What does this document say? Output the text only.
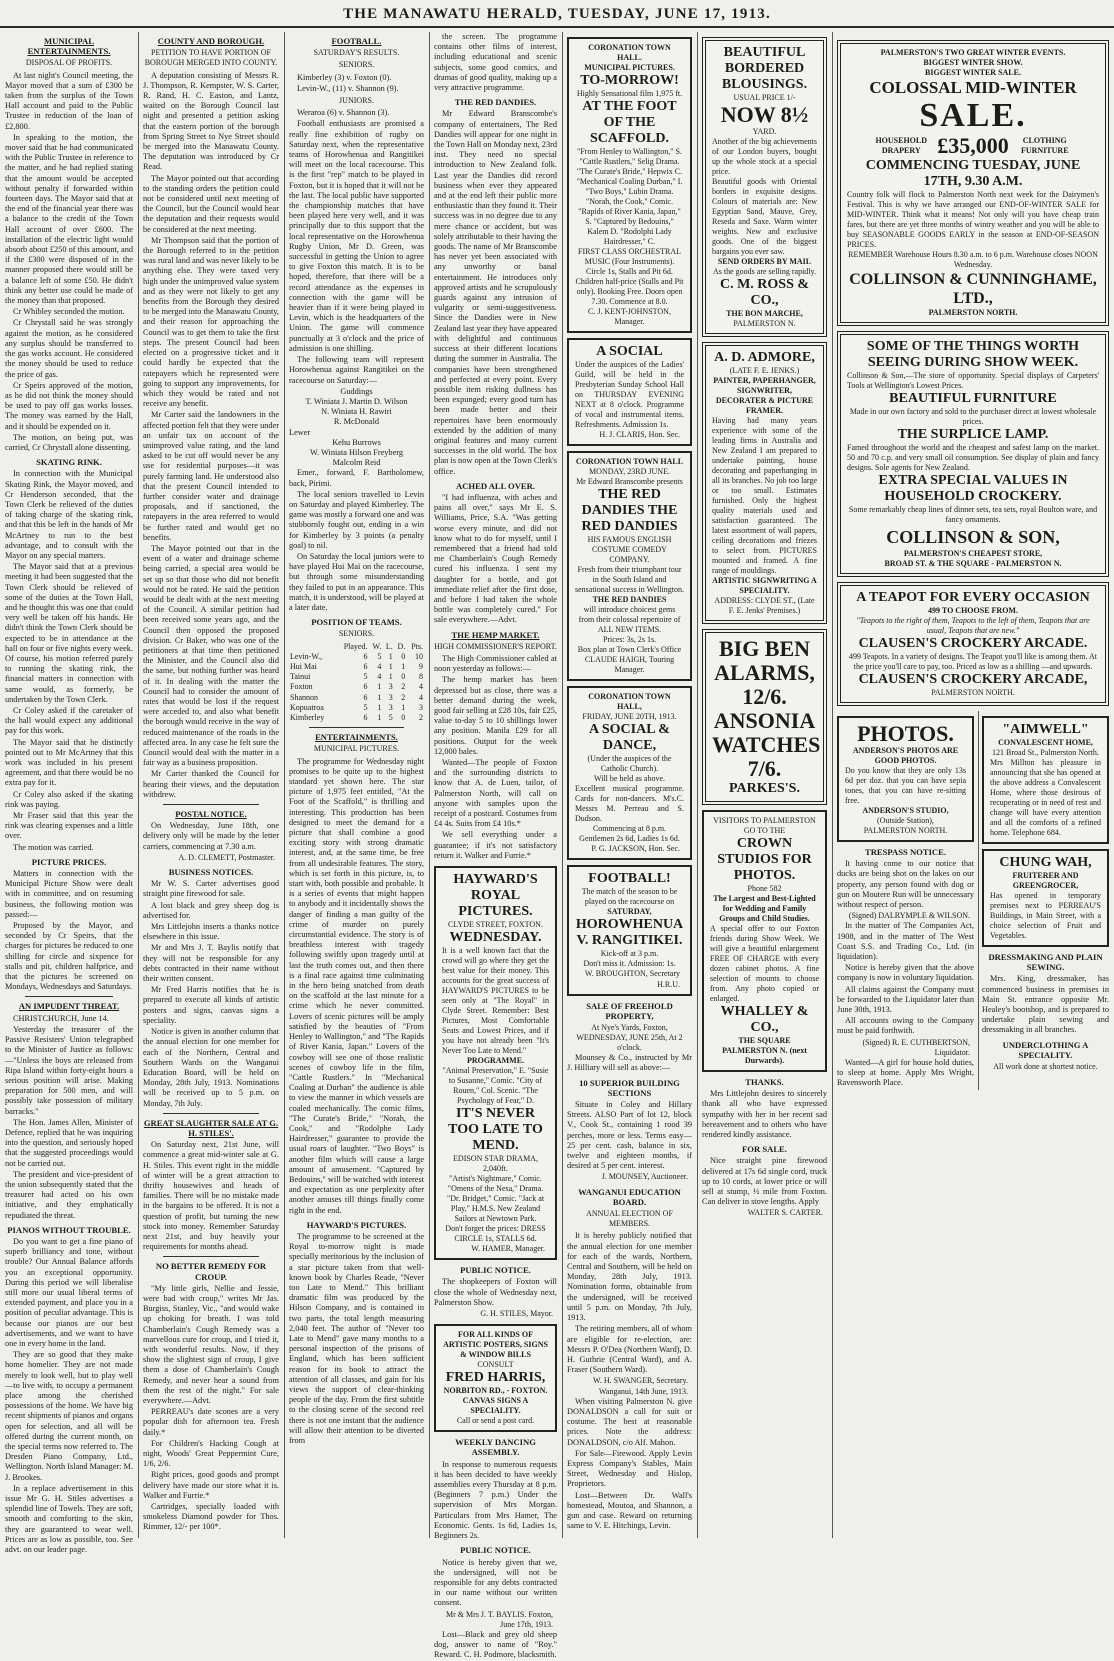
THE MANAWATU HERALD, TUESDAY, JUNE 17, 1913.
MUNICIPAL ENTERTAINMENTS.
DISPOSAL OF PROFITS.
At last night's Council meeting, the Mayor moved that a sum of £300 be taken from the surplus of the Town Hall account and paid to the Public Trustee in reduction of the loan of £2,800.
In speaking to the motion, the mover said that he had communicated with the Public Trustee in reference to the matter, and he had replied stating that the amount would be accepted without penalty if forwarded within fourteen days. The Mayor said that at the end of the financial year there was a balance to the credit of the Town Hall account of over £600. The installation of the electric light would absorb about £250 of this amount, and if the £300 were disposed of in the manner proposed there would still be a balance left of some £50. He didn't think any better use could be made of the money than that proposed.
Cr Whibley seconded the motion.
Cr Chrystall said he was strongly against the motion, as he considered any surplus should be transferred to the gas works account. He considered the money should be used to reduce the price of gas.
Cr Speirs approved of the motion, as he did not think the money should be used to pay off gas works losses. The money was earned by the Hall, and it should be expended on it.
The motion, on being put, was carried, Cr Chrystall alone dissenting.
SKATING RINK.
In connection with the Municipal Skating Rink, the Mayor moved, and Cr Henderson seconded, that the Town Clerk be relieved of the duties of taking charge of the skating rink, and that this be left in the hands of Mr McArtney to run to the best advantage, and to consult with the Mayor on any special matters.
The Mayor said that at a previous meeting it had been suggested that the Town Clerk should be relieved of some of the duties at the Town Hall, and he thought this was one that could very well be taken off his hands. He didn't think the Town Clerk should be expected to be in attendance at the hall on four or five nights every week. Of course, his motion referred purely to running the skating rink, the financial matters in connection with same would, as formerly, be undertaken by the Town Clerk.
Cr Coley asked if the caretaker of the hall would expect any additional pay for this work.
The Mayor said that he distinctly pointed out to Mr McArtney that this work was included in his present agreement, and that there would be no extra pay for it.
Cr Coley also asked if the skating rink was paying.
Mr Fraser said that this year the rink was clearing expenses and a little over.
The motion was carried.
PICTURE PRICES.
Matters in connection with the Municipal Picture Show were dealt with in committee, and on resuming business, the following motion was passed:—
Proposed by the Mayor, and seconded by Cr Speirs, that the charges for pictures be reduced to one shilling for circle and sixpence for stalls and pit, children halfprice, and that the pictures be screened on Mondays, Wednesdays and Saturdays.
AN IMPUDENT THREAT.
CHRISTCHURCH, June 14.
Yesterday the treasurer of the Passive Resisters' Union telegraphed to the Minister of Justice as follows:—"Unless the boys are released from Ripa Island within forty-eight hours a serious position will arise. Making preparation for 500 men, and will possibly take possession of military barracks."
The Hon. James Allen, Minister of Defence, replied that he was inquiring into the question, and seriously hoped that the suggested proceedings would not be carried out.
The president and vice-president of the union subsequently stated that the treasurer had acted on his own initiative, and they emphatically repudiated the threat.
PIANOS WITHOUT TROUBLE.
Do you want to get a fine piano of superb brilliancy and tone, without trouble? Our Annual Balance affords you an exceptional opportunity. During this period we will liberalise still more our usual liberal terms of extended payment, and place you in a position of peculiar advantage. This is because our pianos are our best advertisements, and we want to have one in every home in the land.
They are so good that they make home homelier. They are not made merely to look well, but to play well—to live with, to occupy a permanent place among the cherished possessions of the home. We have big recent shipments of pianos and organs open for selection, and all will be offered during the current month, on the special terms now referred to. The Dresden Piano Company, Ltd., Wellington. North Island Manager: M. J. Brookes.
In a replace advertisement in this issue Mr G. H. Stiles advertises a splendid line of Towels. They are soft, smooth and comforting to the skin, they are guaranteed to wear well. Prices are as low as possible, too. See advt. on our leader page.
COUNTY AND BOROUGH.
PETITION TO HAVE PORTION OF BOROUGH MERGED INTO COUNTY.
A deputation consisting of Messrs R. J. Thompson, R. Kempster, W. S. Carter, R. Rand, H. C. Easton, and Lantz, waited on the Borough Council last night and presented a petition asking that the eastern portion of the borough from Spring Street to Nye Street should be merged into the Manawatu County. The deputation was introduced by Cr Read.
The Mayor pointed out that according to the standing orders the petition could not be considered until next meeting of the Council, but the Council would hear the deputation and their requests would be considered at the next meeting.
Mr Thompson said that the portion of the Borough referred to in the petition was rural land and was never likely to be anything else. They were taxed very high under the unimproved value system and as they were not likely to get any benefits from the Borough they desired to be merged into the Manawatu County, and their reason for approaching the Council was to get them to take the first steps. The present Council had been elected on a progressive ticket and it could hardly be expected that the ratepayers which he represented were going to support any improvements, for which they would be rated and not receive any benefit.
Mr Carter said the landowners in the affected portion felt that they were under an unfair tax on account of the unimproved value rating, and the land asked to be cut off would never be any use for residential purposes—it was purely farming land. He understood also that the present Council intended to further consider water and drainage proposals, and if sanctioned, the ratepayers in the area referred to would be further rated and would get no benefits.
The Mayor pointed out that in the event of a water and drainage scheme being carried, a special area would be set up so that those who did not benefit would not be rated. He said the petition would be dealt with at the next meeting of the Council. A similar petition had been received some years ago, and the Council then opposed the proposed division. Cr Baker, who was one of the petitioners at that time then petitioned the Minister, and the Council also did the same, but nothing further was heard of it. In dealing with the matter the Council had to consider the amount of rates that would be lost if the request were acceded to, and also what benefit the borough would receive in the way of reduced maintenance of the roads in the affected area. In any case he felt sure the Council would deal with the matter in a fair way as a business proposition.
Mr Carter thanked the Council for hearing their views, and the deputation withdrew.
POSTAL NOTICE.
On Wednesday, June 18th, one delivery only will be made by the letter carriers, commencing at 7.30 a.m.
A. D. CLEMETT, Postmaster.
BUSINESS NOTICES.
Mr W. S. Carter advertises good straight pine firewood for sale.
A lost black and grey sheep dog is advertised for.
Mrs Littlejohn inserts a thanks notice elsewhere in this issue.
Mr and Mrs J. T. Baylis notify that they will not be responsible for any debts contracted in their name without their written consent.
Mr Fred Harris notifies that he is prepared to execute all kinds of artistic posters and signs, canvas signs a speciality.
Notice is given in another column that the annual election for one member for each of the Northern, Central and Southern Wards on the Wanganui Education Board, will be held on Monday, 28th July, 1913. Nominations will be received up to 5 p.m. on Monday, 7th July.
GREAT SLAUGHTER SALE AT G. H. STILES'.
On Saturday next, 21st June, will commence a great mid-winter sale at G. H. Stiles. This event right in the middle of winter will be a great attraction to thrifty housewives and heads of families. There will be no mistake made in the bargains to be offered. It is not a question of profit, but turning the new stock into money. Remember Saturday next 21st, and buy heavily your requirements for months ahead.
NO BETTER REMEDY FOR CROUP.
"My little girls, Nellie and Jessie, were bad with croup," writes Mr Jas. Burgiss, Stanley, Vic., "and would wake up choking for breath. I was told Chamberlain's Cough Remedy was a marvellous cure for croup, and I tried it, with wonderful results. Now, if they show the slightest sign of croup, I give them a dose of Chamberlain's Cough Remedy, and never hear a sound from them the rest of the night." For sale everywhere.—Advt.
PERREAU's date scones are a very popular dish for afternoon tea. Fresh daily.*
For Children's Hacking Cough at night, Woods' Great Peppermint Cure, 1/6, 2/6.
Right prices, good goods and prompt delivery have made our store what it is. Walker and Furrie.*
Cartridges, specially loaded with smokeless Diamond powder for Thos. Rimmer, 12/- per 100*.
FOOTBALL.
SATURDAY'S RESULTS.
SENIORS.
Kimberley (3) v. Foxton (0).
Levin-W., (11) v. Shannon (9).
JUNIORS.
Weraroa (6) v. Shannon (3).
Football enthusiasts are promised a really fine exhibition of rugby on Saturday next, when the representative teams of Horowhenua and Rangitikei will meet on the local racecourse. This is the first "rep" match to be played in Foxton, but it is hoped that it will not be the last. The local public have supported the championship matches that have been played here very well, and it was principally due to this support that the local representative on the Horowhenua Rugby Union, Mr D. Green, was successful in getting the Union to agree to give Foxton this match. It is to be hoped, therefore, that there will be a record attendance as the expenses in connection with the game will be heavier than if it were being played in Levin, which is the headquarters of the Union. The game will commence punctually at 3 o'clock and the price of admission is one shilling.
The following team will represent Horowhenua against Rangitikei on the racecourse on Saturday:—
Guddings
T. Winiata J. Martin D. Wilson
N. Winiata H. Rawiri
R. McDonald
Lewer
Kehu Burrows
W. Winiata Hilson Freyberg
Malcolm Reid
Emer., forward, F. Bartholomew, back, Pirimi.
The local seniors travelled to Levin on Saturday and played Kimberley. The game was mostly a forward one and was stubbornly fought out, ending in a win for Kimberley by 3 points (a penalty goal) to nil.
On Saturday the local juniors were to have played Hui Mai on the racecourse, but through some misunderstanding they failed to put in an appearance. This match, it is understood, will be played at a later date.
POSITION OF TEAMS.
SENIORS.
	Played.	W.	L.	D.	Pts.
Levin-W.,	6	5	1	0	10
Hui Mai	6	4	1	1	9
Tainui	5	4	1	0	8
Foxton	6	1	3	2	4
Shannon	6	1	3	2	4
Kopuatroa	5	1	3	1	3
Kimberley	6	1	5	0	2
ENTERTAINMENTS.
MUNICIPAL PICTURES.
The programme for Wednesday night promises to be quite up to the highest standard yet shown here. The star picture of 1,975 feet entitled, "At the Foot of the Scaffold," is thrilling and interesting. This production has been designed to meet the demand for a picture that shall combine a good exciting story with strong dramatic interest, and, at the same time, be free from all undesirable features. The story, which is set forth in this picture, is, to start with, both possible and probable. It is a series of events that might happen to anybody and it incidentally shows the danger of finding a man guilty of the crime of murder on purely circumstantial evidence. The story is of breathless interest with tragedy following swiftly upon tragedy until at last the truth comes out, and then there is a final race against time culminating in the hero being snatched from death on the scaffold at the last minute for a crime which he never committed. Lovers of scenic pictures will be amply satisfied by the beauties of "From Henley to Wallington," and "The Rapids of River Kania, Japan." Lovers of the cowboy will see one of those realistic scenes of cowboy life in the film, "Cattle Rustlers." In "Mechanical Coaling at Durban" the audience is able to view the manner in which vessels are coaled mechanically. The comic films, "The Curate's Bride," "Norah, the Cook," and "Rodolphe Lady Hairdresser," guarantee to provide the usual roars of laughter. "Two Boys" is another film which will cause a large amount of amusement. "Captured by Bedouins," will be watched with interest and expectation as one perplexity after another amuses till things finally come right in the end.
HAYWARD'S PICTURES.
The programme to be screened at the Royal to-morrow night is made specially meritorious by the inclusion of a star picture taken from that well-known book by Charles Reade, "Never too Late to Mend." This brilliant dramatic film was produced by the Hilson Company, and is contained in two parts, the total length measuring 2,040 feet. The author of "Never too Late to Mend" gave many months to a personal inspection of the prisons of England, which has been sufficient reason for its book to attract the attention of all classes, and gain for his views the support of clear-thinking people of the day. From the first subtitle to the closing scene of the second reel there is not one instant that the audience will allow their attention to be diverted from
the screen. The programme contains other films of interest, including educational and scenic subjects, some good comics, and dramas of good quality, making up a very attractive programme.
THE RED DANDIES.
Mr Edward Branscombe's company of entertainers, The Red Dandies will appear for one night in the Town Hall on Monday next, 23rd inst. They need no special introduction to New Zealand folk. Last year the Dandies did record business when ever they appeared and at the end left their public more enthusiastic than they found it. Their success was in no degree due to any mere chance or accident, but was solely attributable to their having the goods. The name of Mr Branscombe has never yet been associated with any unworthy or banal entertainment. He introduces only approved artists and he scrupulously guards against any intrusion of vulgarity or semi-suggestiveness. Since the Dandies were in New Zealand last year they have appeared with delightful and continuous success at their different locations during the summer in Australia. The companies have been strengthened and perfected at every point. Every possible item risking dullness has been expunged; every good turn has been made better and their repertoires have been enormously extended by the addition of many original features and many current successes in the old world. The box plan is now open at the Town Clerk's office.
ACHED ALL OVER.
"I had influenza, with aches and pains all over," says Mr E. S. Williams, Price, S.A. "Was getting worse every minute, and did not know what to do for myself, until I remembered that a friend had told me Chamberlain's Cough Remedy cured his influenza. I sent my daughter for a bottle, and got immediate relief after the first dose, and before I had taken the whole bottle was completely cured." For sale everywhere.—Advt.
THE HEMP MARKET.
HIGH COMMISSIONER'S REPORT.
The High Commissioner cabled at noon yesterday as follows:—
The hemp market has been depressed but as close, there was a better demand during the week, good fair selling at £28 10s, fair £25, value to-day 5 to 10 shillings lower any position. Manila £29 for all positions. Output for the week 12,000 bales.
Wanted—The people of Foxton and the surrounding districts to know that A. de Luen, tailor, of Palmerston North, will call on anyone with samples upon the receipt of a postcard. Costumes from £4 4s. Suits from £4 10s.*
We sell everything under a guarantee; if it's not satisfactory return it. Walker and Furrie.*
HAYWARD'S ROYAL PICTURES.
CLYDE STREET, FOXTON.
WEDNESDAY.
It is a well known fact that the crowd will go where they get the best value for their money. This accounts for the great success of HAYWARD'S PICTURES to be seen only at "The Royal" in Clyde Street. Remember: Best Pictures, Most Comfortable Seats and Lowest Prices, and if you have not already been "It's Never Too Late to Mend."
PROGRAMME.
"Animal Preservation," E. "Susie to Susanne," Comic. "City of Rouen," Col. Scenic. "The Psychology of Fear," D.
IT'S NEVER TOO LATE TO MEND.
EDISON STAR DRAMA, 2,040ft.
"Artist's Nightmare," Comic. "Omens of the Nesa," Drama. "Dr. Bridget," Comic. "Jack at Play," H.M.S. New Zealand Sailors at Newtown Park.
Don't forget the prices: DRESS CIRCLE 1s, STALLS 6d.
W. HAMER, Manager.
PUBLIC NOTICE.
The shopkeepers of Foxton will close the whole of Wednesday next, Palmerston Show.
G. H. STILES, Mayor.
FOR ALL KINDS OF ARTISTIC POSTERS, SIGNS & WINDOW BILLS
CONSULT
FRED HARRIS,
NORBITON RD., - FOXTON.
CANVAS SIGNS A SPECIALITY.
Call or send a post card.
WEEKLY DANCING ASSEMBLY.
In response to numerous requests it has been decided to have weekly assemblies every Thursday at 8 p.m. (Beginners 7 p.m.) Under the supervision of Mrs Morgan. Particulars from Mrs Hamer, The Economic. Gents. 1s 6d, Ladies 1s, Beginners 2s.
PUBLIC NOTICE.
Notice is hereby given that we, the undersigned, will not be responsible for any debts contracted in our name without our written consent.
Mr & Mrs J. T. BAYLIS. Foxton, June 17th, 1913.
Lost—Black and grey old sheep dog, answer to name of "Roy." Reward. C. H. Podmore, blacksmith.
CORONATION TOWN HALL.
MUNICIPAL PICTURES.
TO-MORROW!
Highly Sensational film 1,975 ft.
AT THE FOOT OF THE SCAFFOLD.
"From Henley to Wallington," S. "Cattle Rustlers," Selig Drama. "The Curate's Bride," Hepwix C. "Mechanical Coaling Durban," I. "Two Boys," Lubin Drama. "Norah, the Cook," Comic. "Rapids of River Kania, Japan," S. "Captured by Bedouins," Kalem D. "Rodolphi Lady Hairdresser," C.
FIRST CLASS ORCHESTRAL MUSIC (Four Instruments).
Circle 1s, Stalls and Pit 6d. Children half-price (Stalls and Pit only). Booking Free. Doors open 7.30. Commence at 8.0.
C. J. KENT-JOHNSTON, Manager.
A SOCIAL
Under the auspices of the Ladies' Guild, will be held in the Presbyterian Sunday School Hall on THURSDAY EVENING NEXT at 8 o'clock. Programme of vocal and instrumental items. Refreshments. Admission 1s.
H. J. CLARIS, Hon. Sec.
CORONATION TOWN HALL
MONDAY, 23RD JUNE.
Mr Edward Branscombe presents
THE RED DANDIES THE RED DANDIES
HIS FAMOUS ENGLISH COSTUME COMEDY COMPANY.
Fresh from their triumphant tour in the South Island and sensational success in Wellington.
THE RED DANDIES
will introduce choicest gems from their colossal repertoire of ALL NEW ITEMS.
Prices: 3s, 2s 1s.
Box plan at Town Clerk's Office
CLAUDE HAIGH, Touring Manager.
CORONATION TOWN HALL,
FRIDAY, JUNE 20TH, 1913.
A SOCIAL & DANCE,
(Under the auspices of the Catholic Church).
Will be held as above.
Excellent musical programme. Cards for non-dancers. M's.C. Messrs M. Perreau and S. Dudson.
Commencing at 8 p.m.
Gentlemen 2s 6d, Ladies 1s 6d.
P. G. JACKSON, Hon. Sec.
FOOTBALL!
The match of the season to be played on the racecourse on
SATURDAY,
HOROWHENUA V. RANGITIKEI.
Kick-off at 3 p.m.
Don't miss it. Admission: 1s.
W. BROUGHTON, Secretary H.R.U.
SALE OF FREEHOLD PROPERTY,
At Nye's Yards, Foxton, WEDNESDAY, JUNE 25th, At 2 o'clock.
Mounsey & Co., instructed by Mr J. Hilliary will sell as above:—
10 SUPERIOR BUILDING SECTIONS
Situate in Coley and Hillary Streets. ALSO Part of lot 12, block V., Cook St., containing 1 rood 39 perches, more or less. Terms easy—25 per cent. cash, balance in six, twelve and eighteen months, if desired at 5 per cent. interest.
J. MOUNSEY, Auctioneer.
WANGANUI EDUCATION BOARD.
ANNUAL ELECTION OF MEMBERS.
It is hereby publicly notified that the annual election for one member for each of the wards, Northern, Central and Southern, will be held on Monday, 28th July, 1913. Nomination forms, obtainable from the undersigned, will be received until 5 p.m. on Monday, 7th July, 1913.
The retiring members, all of whom are eligible for re-election, are: Messrs P. O'Dea (Northern Ward), D. H. Guthrie (Central Ward), and A. Fraser (Southern Ward).
W. H. SWANGER, Secretary. Wanganui, 14th June, 1913.
When visiting Palmerston N. give DONALDSON a call for suit or costume. The best at reasonable prices. Note the address: DONALDSON, c/o Alf. Mahon.
For Sale—Firewood. Apply Levin Express Company's Stables, Main Street, Wednesday and Hislop, Proprietors.
Lost—Between Dr. Wall's homestead, Moutoa, and Shannon, a gun and case. Reward on returning same to V. E. Hitchings, Levin.
BEAUTIFUL BORDERED BLOUSINGS.
USUAL PRICE 1/-
NOW 8½
YARD.
Another of the big achievements of our London buyers, bought up the whole stock at a special price.
Beautiful goods with Oriental borders in exquisite designs. Colours of materials are: New Egyptian Sand, Mauve, Grey, Reseda and Saxe. Warm winter weights. New and exclusive goods. One of the biggest bargains you ever saw.
SEND ORDERS BY MAIL
As the goods are selling rapidly.
C. M. ROSS & CO.,
THE BON MARCHE,
PALMERSTON N.
A. D. ADMORE,
(LATE F. E. JENKS.)
PAINTER, PAPERHANGER, SIGNWRITER, DECORATER & PICTURE FRAMER.
Having had many years experience with some of the leading firms in Australia and New Zealand I am prepared to undertake painting, house decorating and paperhanging in all its branches. No job too large or too small. Estimates furnished. Only the highest quality materials used and satisfaction guaranteed. The latest assortment of wall papers, ceiling decorations and friezes to select from. PICTURES mounted and framed. A fine range of mouldings.
ARTISTIC SIGNWRITING A SPECIALITY.
ADDRESS: CLYDE ST., (Late F. E. Jenks' Premises.)
BIG BEN ALARMS, 12/6.
ANSONIA WATCHES 7/6.
PARKES'S.
VISITORS TO PALMERSTON GO TO THE
CROWN STUDIOS FOR PHOTOS.
Phone 582
The Largest and Best-Lighted for Wedding and Family Groups and Child Studies.
A special offer to our Foxton friends during Show Week. We will give a beautiful enlargement FREE OF CHARGE with every dozen cabinet photos. A fine selection of mounts to choose from. Any photo copied or enlarged.
WHALLEY & CO.,
THE SQUARE PALMERSTON N. (next Durwards).
THANKS.
Mrs Littlejohn desires to sincerely thank all who have expressed sympathy with her in her recent sad bereavement and to others who have rendered kindly assistance.
FOR SALE.
Nice straight pine firewood delivered at 17s 6d single cord, truck up to 10 cords, at lower price or will sell at stump, ½ mile from Foxton. Can deliver in stove lengths. Apply
WALTER S. CARTER.
PALMERSTON'S TWO GREAT WINTER EVENTS.
BIGGEST WINTER SHOW.
BIGGEST WINTER SALE.
COLOSSAL MID-WINTER
SALE.
HOUSEHOLD DRAPERY £35,000	CLOTHING FURNITURE
COMMENCING TUESDAY, JUNE 17TH, 9.30 A.M.
Country folk will flock to Palmerston North next week for the Dairymen's Festival. This is why we have arranged our END-OF-WINTER SALE for MID-WINTER. Think what it means! Not only will you have cheap train fares, but there are yet three months of wintry weather and you will be able to buy SEASONABLE GOODS EARLY in the season at END-OF-SEASON PRICES.
REMEMBER Warehouse Hours 8.30 a.m. to 6 p.m. Warehouse closes NOON Wednesday.
COLLINSON & CUNNINGHAME, LTD.,
PALMERSTON NORTH.
SOME OF THE THINGS WORTH SEEING DURING SHOW WEEK.
Collinson & Son,—The store of opportunity. Special displays of Carpeters' Tools at Wellington's Lowest Prices.
BEAUTIFUL FURNITURE
Made in our own factory and sold to the purchaser direct at lowest wholesale prices.
THE SURPLICE LAMP.
Famed throughout the world and the cheapest and safest lamp on the market. 50 and 70 c.p. and very small oil consumption. See display of plain and fancy designs. Sole agents for New Zealand.
EXTRA SPECIAL VALUES IN HOUSEHOLD CROCKERY.
Some remarkably cheap lines of dinner sets, tea sets, royal Boulton ware, and fancy ornaments.
COLLINSON & SON,
PALMERSTON'S CHEAPEST STORE,
BROAD ST. & THE SQUARE - PALMERSTON N.
A TEAPOT FOR EVERY OCCASION
499 TO CHOOSE FROM.
"Teapots to the right of them, Teapots to the left of them, Teapots that are usual, Teapots that are new."
CLAUSEN'S CROCKERY ARCADE.
499 Teapots. In a variety of designs. The Teapot you'll like is among them. At the price you'll care to pay, too. Priced as low as a shilling —and upwards.
CLAUSEN'S CROCKERY ARCADE,
PALMERSTON NORTH.
PHOTOS.
ANDERSON'S PHOTOS ARE GOOD PHOTOS.
Do you know that they are only 13s 6d per doz. that you can have sepia tones, that you can have re-sitting free.
ANDERSON'S STUDIO,
(Outside Station),
PALMERSTON NORTH.
TRESPASS NOTICE.
It having come to our notice that ducks are being shot on the lakes on our property, any person found with dog or gun on Moutere Run will be unnecessary without respect of person.
(Signed) DALRYMPLE & WILSON.
In the matter of The Companies Act, 1908, and in the matter of The West Coast S.S. and Trading Co., Ltd. (in liquidation).
Notice is hereby given that the above company is now in voluntary liquidation.
All claims against the Company must be forwarded to the Liquidator later than June 30th, 1913.
All accounts owing to the Company must be paid forthwith.
(Signed) R. E. CUTHBERTSON, Liquidator.
Wanted—A girl for house hold duties, to sleep at home. Apply Mrs Wright, Ravensworth Place.
"AIMWELL"
CONVALESCENT HOME,
121 Broad St., Palmerston North.
Mrs Millton has pleasure in announcing that she has opened at the above address a Convalescent Home, where those desirous of recuperating or in need of rest and change will have every attention and all the comforts of a refined home. Telephone 684.
CHUNG WAH,
FRUITERER AND GREENGROCER,
Has opened in temporary premises next to PERREAU'S Buildings, in Main Street, with a choice selection of Fruit and Vegetables.
DRESSMAKING AND PLAIN SEWING.
Mrs. King, dressmaker, has commenced business in premises in Main St. entrance opposite Mr. Healey's bootshop, and is prepared to undertake plain sewing and dressmaking in all branches.
UNDERCLOTHING A SPECIALITY.
All work done at shortest notice.
